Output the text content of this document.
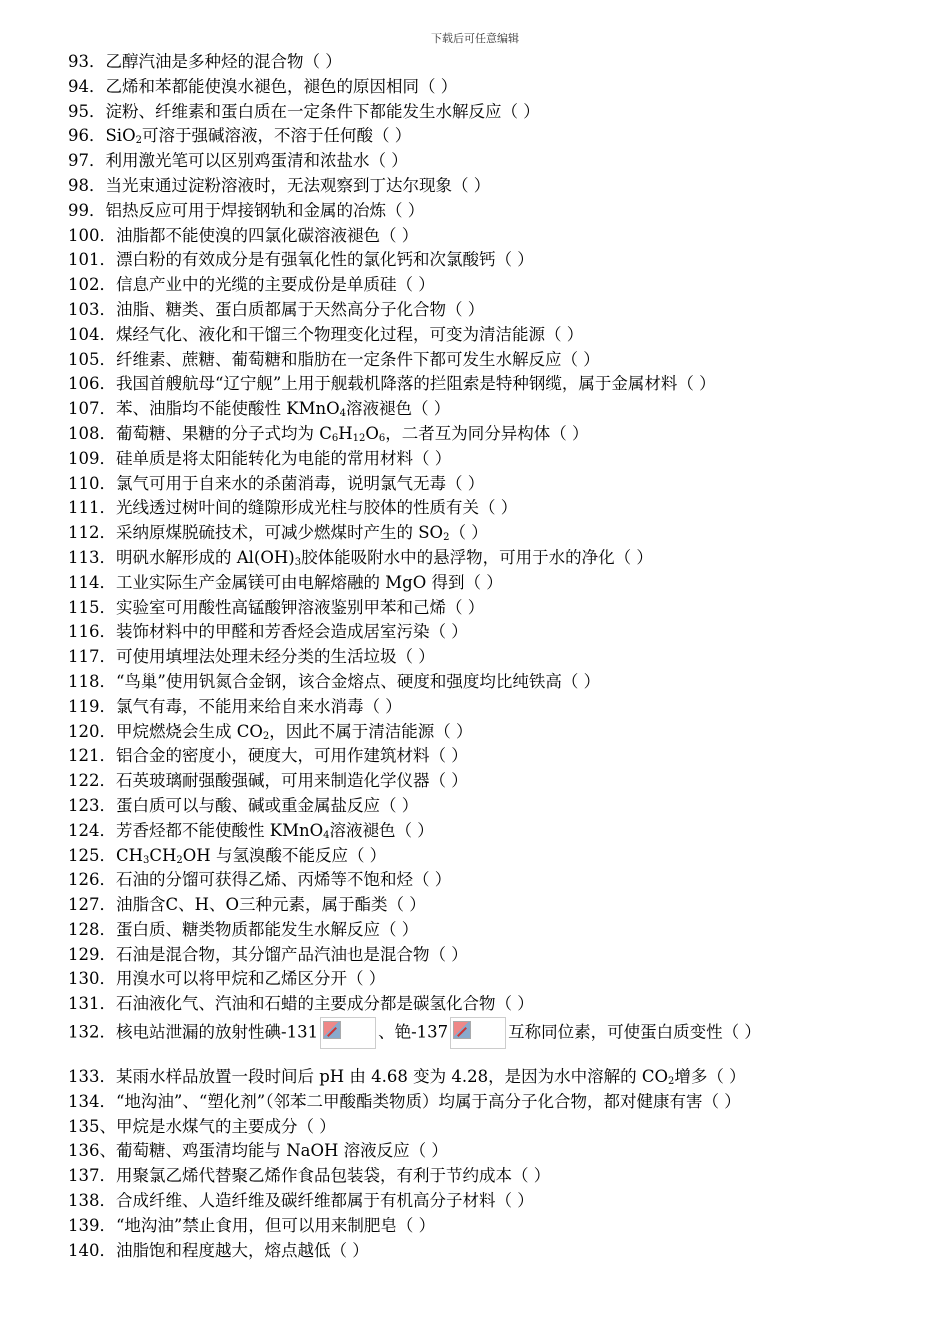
下载后可任意编辑
93．乙醇汽油是多种烃的混合物（ ）
94．乙烯和苯都能使溴水褪色，褪色的原因相同（ ）
95．淀粉、纤维素和蛋白质在一定条件下都能发生水解反应（ ）
96．SiO$_2$可溶于强碱溶液，不溶于任何酸（ ）
97．利用激光笔可以区别鸡蛋清和浓盐水（ ）
98．当光束通过淀粉溶液时，无法观察到丁达尔现象（ ）
99．铝热反应可用于焊接钢轨和金属的冶炼（ ）
100．油脂都不能使溴的四氯化碳溶液褪色（ ）
101．漂白粉的有效成分是有强氧化性的氯化钙和次氯酸钙（ ）
102．信息产业中的光缆的主要成份是单质硅（ ）
103．油脂、糖类、蛋白质都属于天然高分子化合物（ ）
104．煤经气化、液化和干馏三个物理变化过程，可变为清洁能源（ ）
105．纤维素、蔗糖、葡萄糖和脂肪在一定条件下都可发生水解反应（ ）
106．我国首艘航母“辽宁舰”上用于舰载机降落的拦阻索是特种钢缆，属于金属材料（ ）
107．苯、油脂均不能使酸性 KMnO$_4$溶液褪色（ ）
108．葡萄糖、果糖的分子式均为 $C_6H_{12}O_6$，二者互为同分异构体（ ）
109．硅单质是将太阳能转化为电能的常用材料（ ）
110．氯气可用于自来水的杀菌消毒，说明氯气无毒（ ）
111．光线透过树叶间的缝隙形成光柱与胶体的性质有关（ ）
112．采纳原煤脱硫技术，可减少燃煤时产生的 $SO_2$（ ）
113．明矾水解形成的 $Al(OH)_3$胶体能吸附水中的悬浮物，可用于水的净化（ ）
114．工业实际生产金属镁可由电解熔融的 MgO 得到（ ）
115．实验室可用酸性高锰酸钾溶液鉴别甲苯和己烯（ ）
116．装饰材料中的甲醛和芳香烃会造成居室污染（ ）
117．可使用填埋法处理未经分类的生活垃圾（ ）
118．“鸟巢”使用钒氮合金钢，该合金熔点、硬度和强度均比纯铁高（ ）
119．氯气有毒，不能用来给自来水消毒（ ）
120．甲烷燃烧会生成 $CO_2$，因此不属于清洁能源（ ）
121．铝合金的密度小，硬度大，可用作建筑材料（ ）
122．石英玻璃耐强酸强碱，可用来制造化学仪器（ ）
123．蛋白质可以与酸、碱或重金属盐反应（ ）
124．芳香烃都不能使酸性 KMnO$_4$溶液褪色（ ）
125．$CH_3CH_2OH$ 与氢溴酸不能反应（ ）
126．石油的分馏可获得乙烯、丙烯等不饱和烃（ ）
127．油脂含C、H、O三种元素，属于酯类（ ）
128．蛋白质、糖类物质都能发生水解反应（ ）
129．石油是混合物，其分馏产品汽油也是混合物（ ）
130．用溴水可以将甲烷和乙烯区分开（ ）
131．石油液化气、汽油和石蜡的主要成分都是碳氢化合物（ ）
132．核电站泄漏的放射性碘-131	、铯-137	互称同位素，可使蛋白质变性（ ）
133．某雨水样品放置一段时间后 pH 由 4.68 变为 4.28，是因为水中溶解的 $CO_2$增多（ ）
134．“地沟油”、“塑化剂”（邻苯二甲酸酯类物质）均属于高分子化合物，都对健康有害（ ）
135、甲烷是水煤气的主要成分（ ）
136、葡萄糖、鸡蛋清均能与 NaOH 溶液反应（ ）
137．用聚氯乙烯代替聚乙烯作食品包装袋，有利于节约成本（ ）
138．合成纤维、人造纤维及碳纤维都属于有机高分子材料（ ）
139．“地沟油”禁止食用，但可以用来制肥皂（ ）
140．油脂饱和程度越大，熔点越低（ ）
